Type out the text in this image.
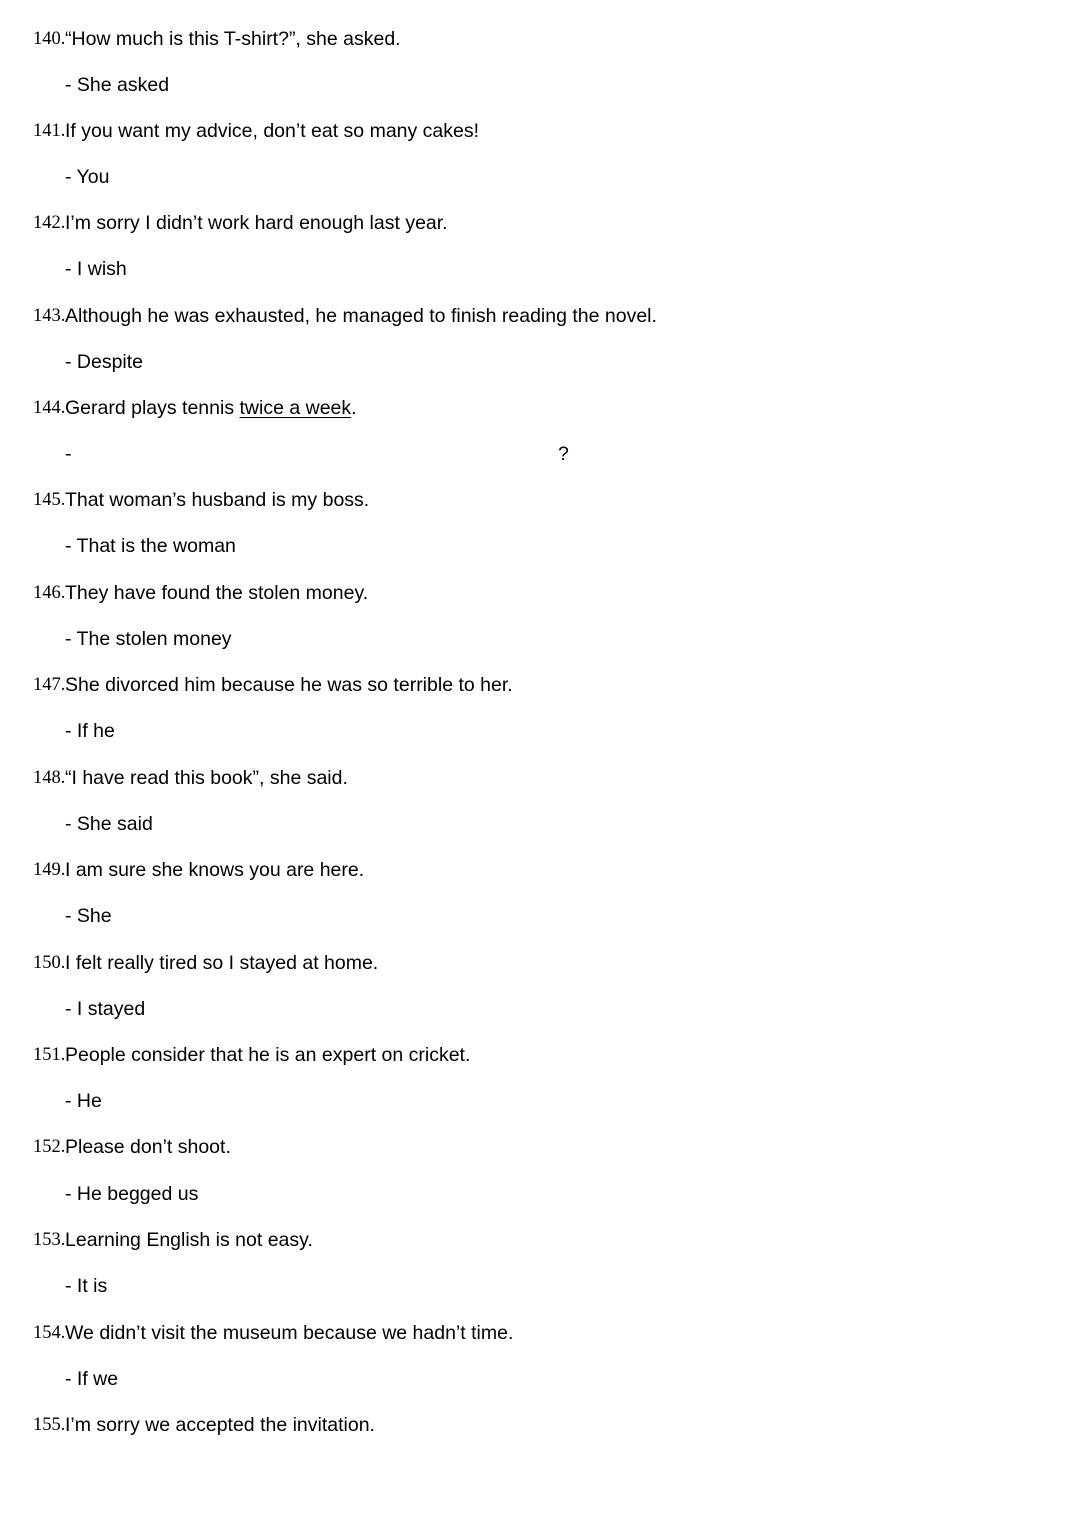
140. “How much is this T-shirt?”, she asked.
- She asked
141. If you want my advice, don’t eat so many cakes!
- You
142. I’m sorry I didn’t work hard enough last year.
- I wish
143. Although he was exhausted, he managed to finish reading the novel.
- Despite
144. Gerard plays tennis twice a week.
-	?
145. That woman’s husband is my boss.
- That is the woman
146. They have found the stolen money.
- The stolen money
147. She divorced him because he was so terrible to her.
- If he
148. “I have read this book”, she said.
- She said
149. I am sure she knows you are here.
- She
150. I felt really tired so I stayed at home.
- I stayed
151. People consider that he is an expert on cricket.
- He
152. Please don’t shoot.
- He begged us
153. Learning English is not easy.
- It is
154. We didn’t visit the museum because we hadn’t time.
- If we
155. I’m sorry we accepted the invitation.
